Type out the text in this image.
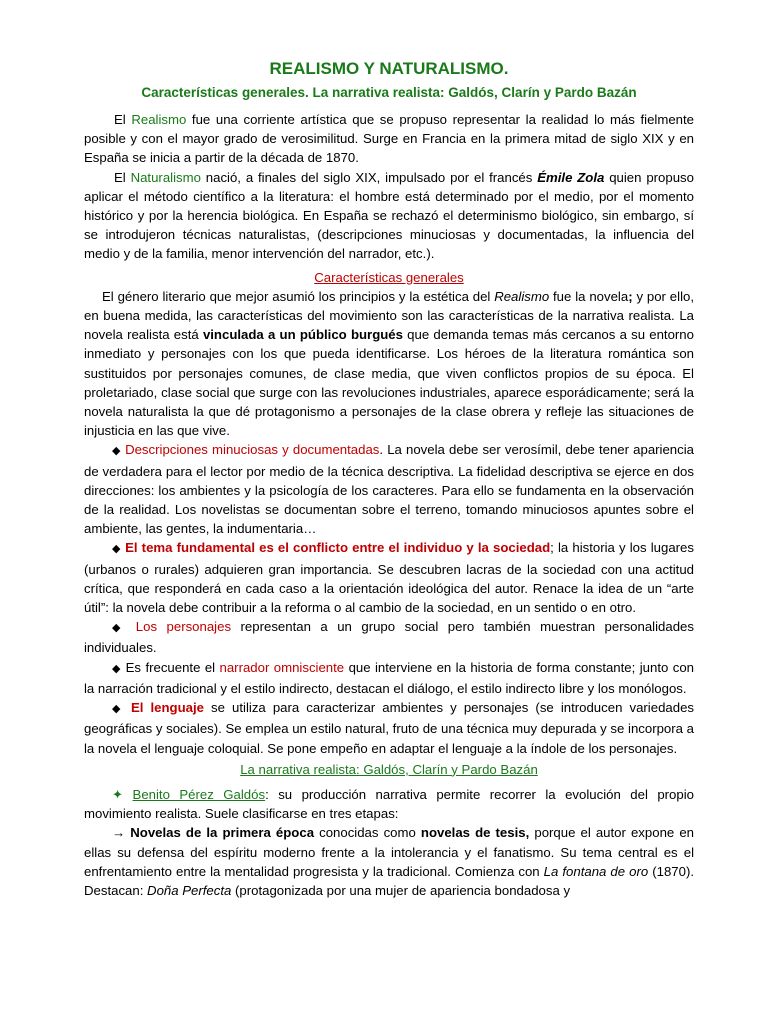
REALISMO Y NATURALISMO.
Características generales. La narrativa realista: Galdós, Clarín y Pardo Bazán

El Realismo fue una corriente artística que se propuso representar la realidad lo más fielmente posible y con el mayor grado de verosimilitud. Surge en Francia en la primera mitad de siglo XIX y en España se inicia a partir de la década de 1870.

El Naturalismo nació, a finales del siglo XIX, impulsado por el francés Émile Zola quien propuso aplicar el método científico a la literatura: el hombre está determinado por el medio, por el momento histórico y por la herencia biológica. En España se rechazó el determinismo biológico, sin embargo, sí se introdujeron técnicas naturalistas, (descripciones minuciosas y documentadas, la influencia del medio y de la familia, menor intervención del narrador, etc.).

Características generales

El género literario que mejor asumió los principios y la estética del Realismo fue la novela; y por ello, en buena medida, las características del movimiento son las características de la narrativa realista. La novela realista está vinculada a un público burgués que demanda temas más cercanos a su entorno inmediato y personajes con los que pueda identificarse. Los héroes de la literatura romántica son sustituidos por personajes comunes, de clase media, que viven conflictos propios de su época. El proletariado, clase social que surge con las revoluciones industriales, aparece esporádicamente; será la novela naturalista la que dé protagonismo a personajes de la clase obrera y refleje las situaciones de injusticia en las que vive.

◆ Descripciones minuciosas y documentadas. La novela debe ser verosímil, debe tener apariencia de verdadera para el lector por medio de la técnica descriptiva. La fidelidad descriptiva se ejerce en dos direcciones: los ambientes y la psicología de los caracteres. Para ello se fundamenta en la observación de la realidad. Los novelistas se documentan sobre el terreno, tomando minuciosos apuntes sobre el ambiente, las gentes, la indumentaria…

◆ El tema fundamental es el conflicto entre el individuo y la sociedad; la historia y los lugares (urbanos o rurales) adquieren gran importancia. Se descubren lacras de la sociedad con una actitud crítica, que responderá en cada caso a la orientación ideológica del autor. Renace la idea de un “arte útil”: la novela debe contribuir a la reforma o al cambio de la sociedad, en un sentido o en otro.

◆ Los personajes representan a un grupo social pero también muestran personalidades individuales.

◆ Es frecuente el narrador omnisciente que interviene en la historia de forma constante; junto con la narración tradicional y el estilo indirecto, destacan el diálogo, el estilo indirecto libre y los monólogos.

◆ El lenguaje se utiliza para caracterizar ambientes y personajes (se introducen variedades geográficas y sociales). Se emplea un estilo natural, fruto de una técnica muy depurada y se incorpora a la novela el lenguaje coloquial. Se pone empeño en adaptar el lenguaje a la índole de los personajes.

La narrativa realista: Galdós, Clarín y Pardo Bazán

✦ Benito Pérez Galdós: su producción narrativa permite recorrer la evolución del propio movimiento realista. Suele clasificarse en tres etapas:

→ Novelas de la primera época conocidas como novelas de tesis, porque el autor expone en ellas su defensa del espíritu moderno frente a la intolerancia y el fanatismo. Su tema central es el enfrentamiento entre la mentalidad progresista y la tradicional. Comienza con La fontana de oro (1870). Destacan: Doña Perfecta (protagonizada por una mujer de apariencia bondadosa y
